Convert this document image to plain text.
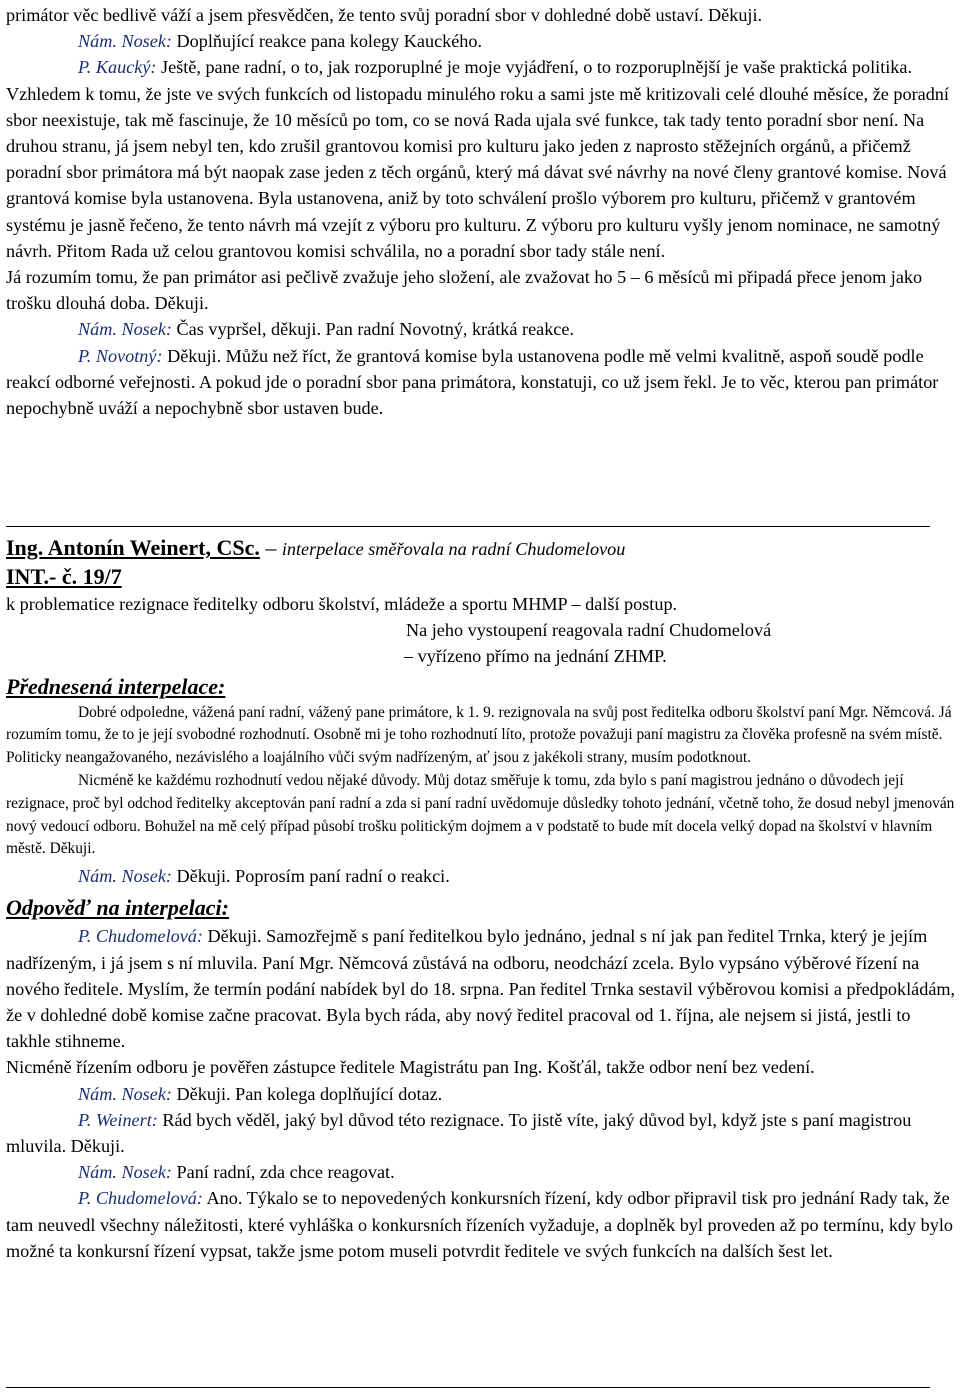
primátor věc bedlivě váží a jsem přesvědčen, že tento svůj poradní sbor v dohledné době ustaví. Děkuji.

Nám. Nosek: Doplňující reakce pana kolegy Kauckého.

P. Kaucký: Ještě, pane radní, o to, jak rozporuplné je moje vyjádření, o to rozporuplnější je vaše praktická politika. Vzhledem k tomu, že jste ve svých funkcích od listopadu minulého roku a sami jste mě kritizovali celé dlouhé měsíce, že poradní sbor neexistuje, tak mě fascinuje, že 10 měsíců po tom, co se nová Rada ujala své funkce, tak tady tento poradní sbor není. Na druhou stranu, já jsem nebyl ten, kdo zrušil grantovou komisi pro kulturu jako jeden z naprosto stěžejních orgánů, a přičemž poradní sbor primátora má být naopak zase jeden z těch orgánů, který má dávat své návrhy na nové členy grantové komise. Nová grantová komise byla ustanovena. Byla ustanovena, aniž by toto schválení prošlo výborem pro kulturu, přičemž v grantovém systému je jasně řečeno, že tento návrh má vzejít z výboru pro kulturu. Z výboru pro kulturu vyšly jenom nominace, ne samotný návrh. Přitom Rada už celou grantovou komisi schválila, no a poradní sbor tady stále není.

Já rozumím tomu, že pan primátor asi pečlivě zvažuje jeho složení, ale zvažovat ho 5 – 6 měsíců mi připadá přece jenom jako trošku dlouhá doba. Děkuji.

Nám. Nosek: Čas vypršel, děkuji. Pan radní Novotný, krátká reakce.

P. Novotný: Děkuji. Můžu než říct, že grantová komise byla ustanovena podle mě velmi kvalitně, aspoň soudě podle reakcí odborné veřejnosti. A pokud jde o poradní sbor pana primátora, konstatuji, co už jsem řekl. Je to věc, kterou pan primátor nepochybně uváží a nepochybně sbor ustaven bude.

Ing. Antonín Weinert, CSc. – interpelace směřovala na radní Chudomelovou

INT.- č. 19/7

k problematice rezignace ředitelky odboru školství, mládeže a sportu MHMP – další postup.

Na jeho vystoupení reagovala radní Chudomelová

– vyřízeno přímo na jednání ZHMP.

Přednesená interpelace:

Dobré odpoledne, vážená paní radní, vážený pane primátore, k 1. 9. rezignovala na svůj post ředitelka odboru školství paní Mgr. Němcová. Já rozumím tomu, že to je její svobodné rozhodnutí. Osobně mi je toho rozhodnutí líto, protože považuji paní magistru za člověka profesně na svém místě. Politicky neangažovaného, nezávislého a loajálního vůči svým nadřízeným, ať jsou z jakékoli strany, musím podotknout.

Nicméně ke každému rozhodnutí vedou nějaké důvody. Můj dotaz směřuje k tomu, zda bylo s paní magistrou jednáno o důvodech její rezignace, proč byl odchod ředitelky akceptován paní radní a zda si paní radní uvědomuje důsledky tohoto jednání, včetně toho, že dosud nebyl jmenován nový vedoucí odboru. Bohužel na mě celý případ působí trošku politickým dojmem a v podstatě to bude mít docela velký dopad na školství v hlavním městě. Děkuji.

Nám. Nosek: Děkuji. Poprosím paní radní o reakci.

Odpověď na interpelaci:

P. Chudomelová: Děkuji. Samozřejmě s paní ředitelkou bylo jednáno, jednal s ní jak pan ředitel Trnka, který je jejím nadřízeným, i já jsem s ní mluvila. Paní Mgr. Němcová zůstává na odboru, neodchází zcela. Bylo vypsáno výběrové řízení na nového ředitele. Myslím, že termín podání nabídek byl do 18. srpna. Pan ředitel Trnka sestavil výběrovou komisi a předpokládám, že v dohledné době komise začne pracovat. Byla bych ráda, aby nový ředitel pracoval od 1. října, ale nejsem si jistá, jestli to takhle stihneme.

Nicméně řízením odboru je pověřen zástupce ředitele Magistrátu pan Ing. Košťál, takže odbor není bez vedení.

Nám. Nosek: Děkuji. Pan kolega doplňující dotaz.

P. Weinert: Rád bych věděl, jaký byl důvod této rezignace. To jistě víte, jaký důvod byl, když jste s paní magistrou mluvila. Děkuji.

Nám. Nosek: Paní radní, zda chce reagovat.

P. Chudomelová: Ano. Týkalo se to nepovedených konkursních řízení, kdy odbor připravil tisk pro jednání Rady tak, že tam neuvedl všechny náležitosti, které vyhláška o konkursních řízeních vyžaduje, a doplněk byl proveden až po termínu, kdy bylo možné ta konkursní řízení vypsat, takže jsme potom museli potvrdit ředitele ve svých funkcích na dalších šest let.
